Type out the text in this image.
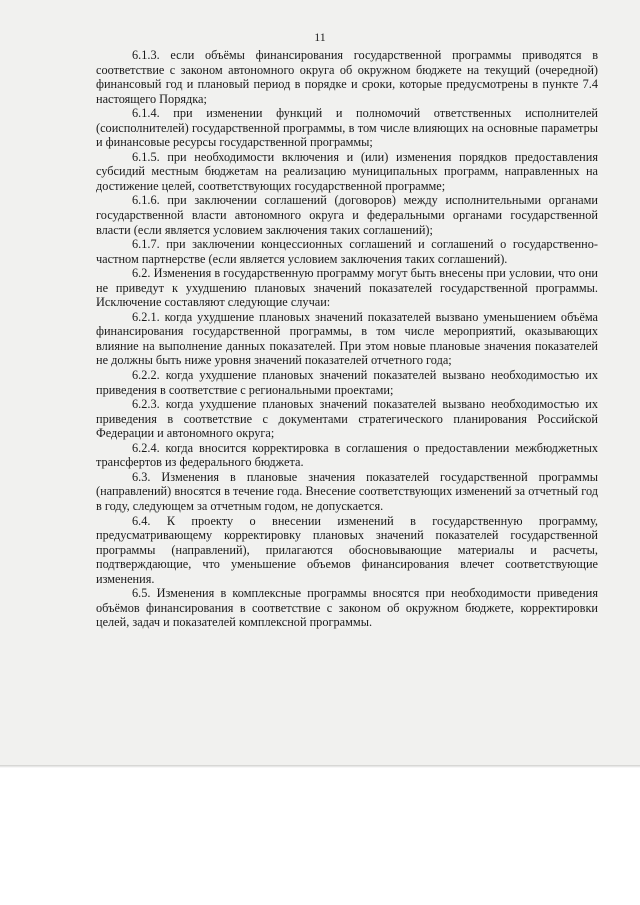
11

6.1.3. если объёмы финансирования государственной программы приводятся в соответствие с законом автономного округа об окружном бюджете на текущий (очередной) финансовый год и плановый период в порядке и сроки, которые предусмотрены в пункте 7.4 настоящего Порядка;

6.1.4. при изменении функций и полномочий ответственных исполнителей (соисполнителей) государственной программы, в том числе влияющих на основные параметры и финансовые ресурсы государственной программы;

6.1.5. при необходимости включения и (или) изменения порядков предоставления субсидий местным бюджетам на реализацию муниципальных программ, направленных на достижение целей, соответствующих государственной программе;

6.1.6. при заключении соглашений (договоров) между исполнительными органами государственной власти автономного округа и федеральными органами государственной власти (если является условием заключения таких соглашений);

6.1.7. при заключении концессионных соглашений и соглашений о государственно-частном партнерстве (если является условием заключения таких соглашений).

6.2. Изменения в государственную программу могут быть внесены при условии, что они не приведут к ухудшению плановых значений показателей государственной программы. Исключение составляют следующие случаи:

6.2.1. когда ухудшение плановых значений показателей вызвано уменьшением объёма финансирования государственной программы, в том числе мероприятий, оказывающих влияние на выполнение данных показателей. При этом новые плановые значения показателей не должны быть ниже уровня значений показателей отчетного года;

6.2.2. когда ухудшение плановых значений показателей вызвано необходимостью их приведения в соответствие с региональными проектами;

6.2.3. когда ухудшение плановых значений показателей вызвано необходимостью их приведения в соответствие с документами стратегического планирования Российской Федерации и автономного округа;

6.2.4. когда вносится корректировка в соглашения о предоставлении межбюджетных трансфертов из федерального бюджета.

6.3. Изменения в плановые значения показателей государственной программы (направлений) вносятся в течение года. Внесение соответствующих изменений за отчетный год в году, следующем за отчетным годом, не допускается.

6.4. К проекту о внесении изменений в государственную программу, предусматривающему корректировку плановых значений показателей государственной программы (направлений), прилагаются обосновывающие материалы и расчеты, подтверждающие, что уменьшение объемов финансирования влечет соответствующие изменения.

6.5. Изменения в комплексные программы вносятся при необходимости приведения объёмов финансирования в соответствие с законом об окружном бюджете, корректировки целей, задач и показателей комплексной программы.
